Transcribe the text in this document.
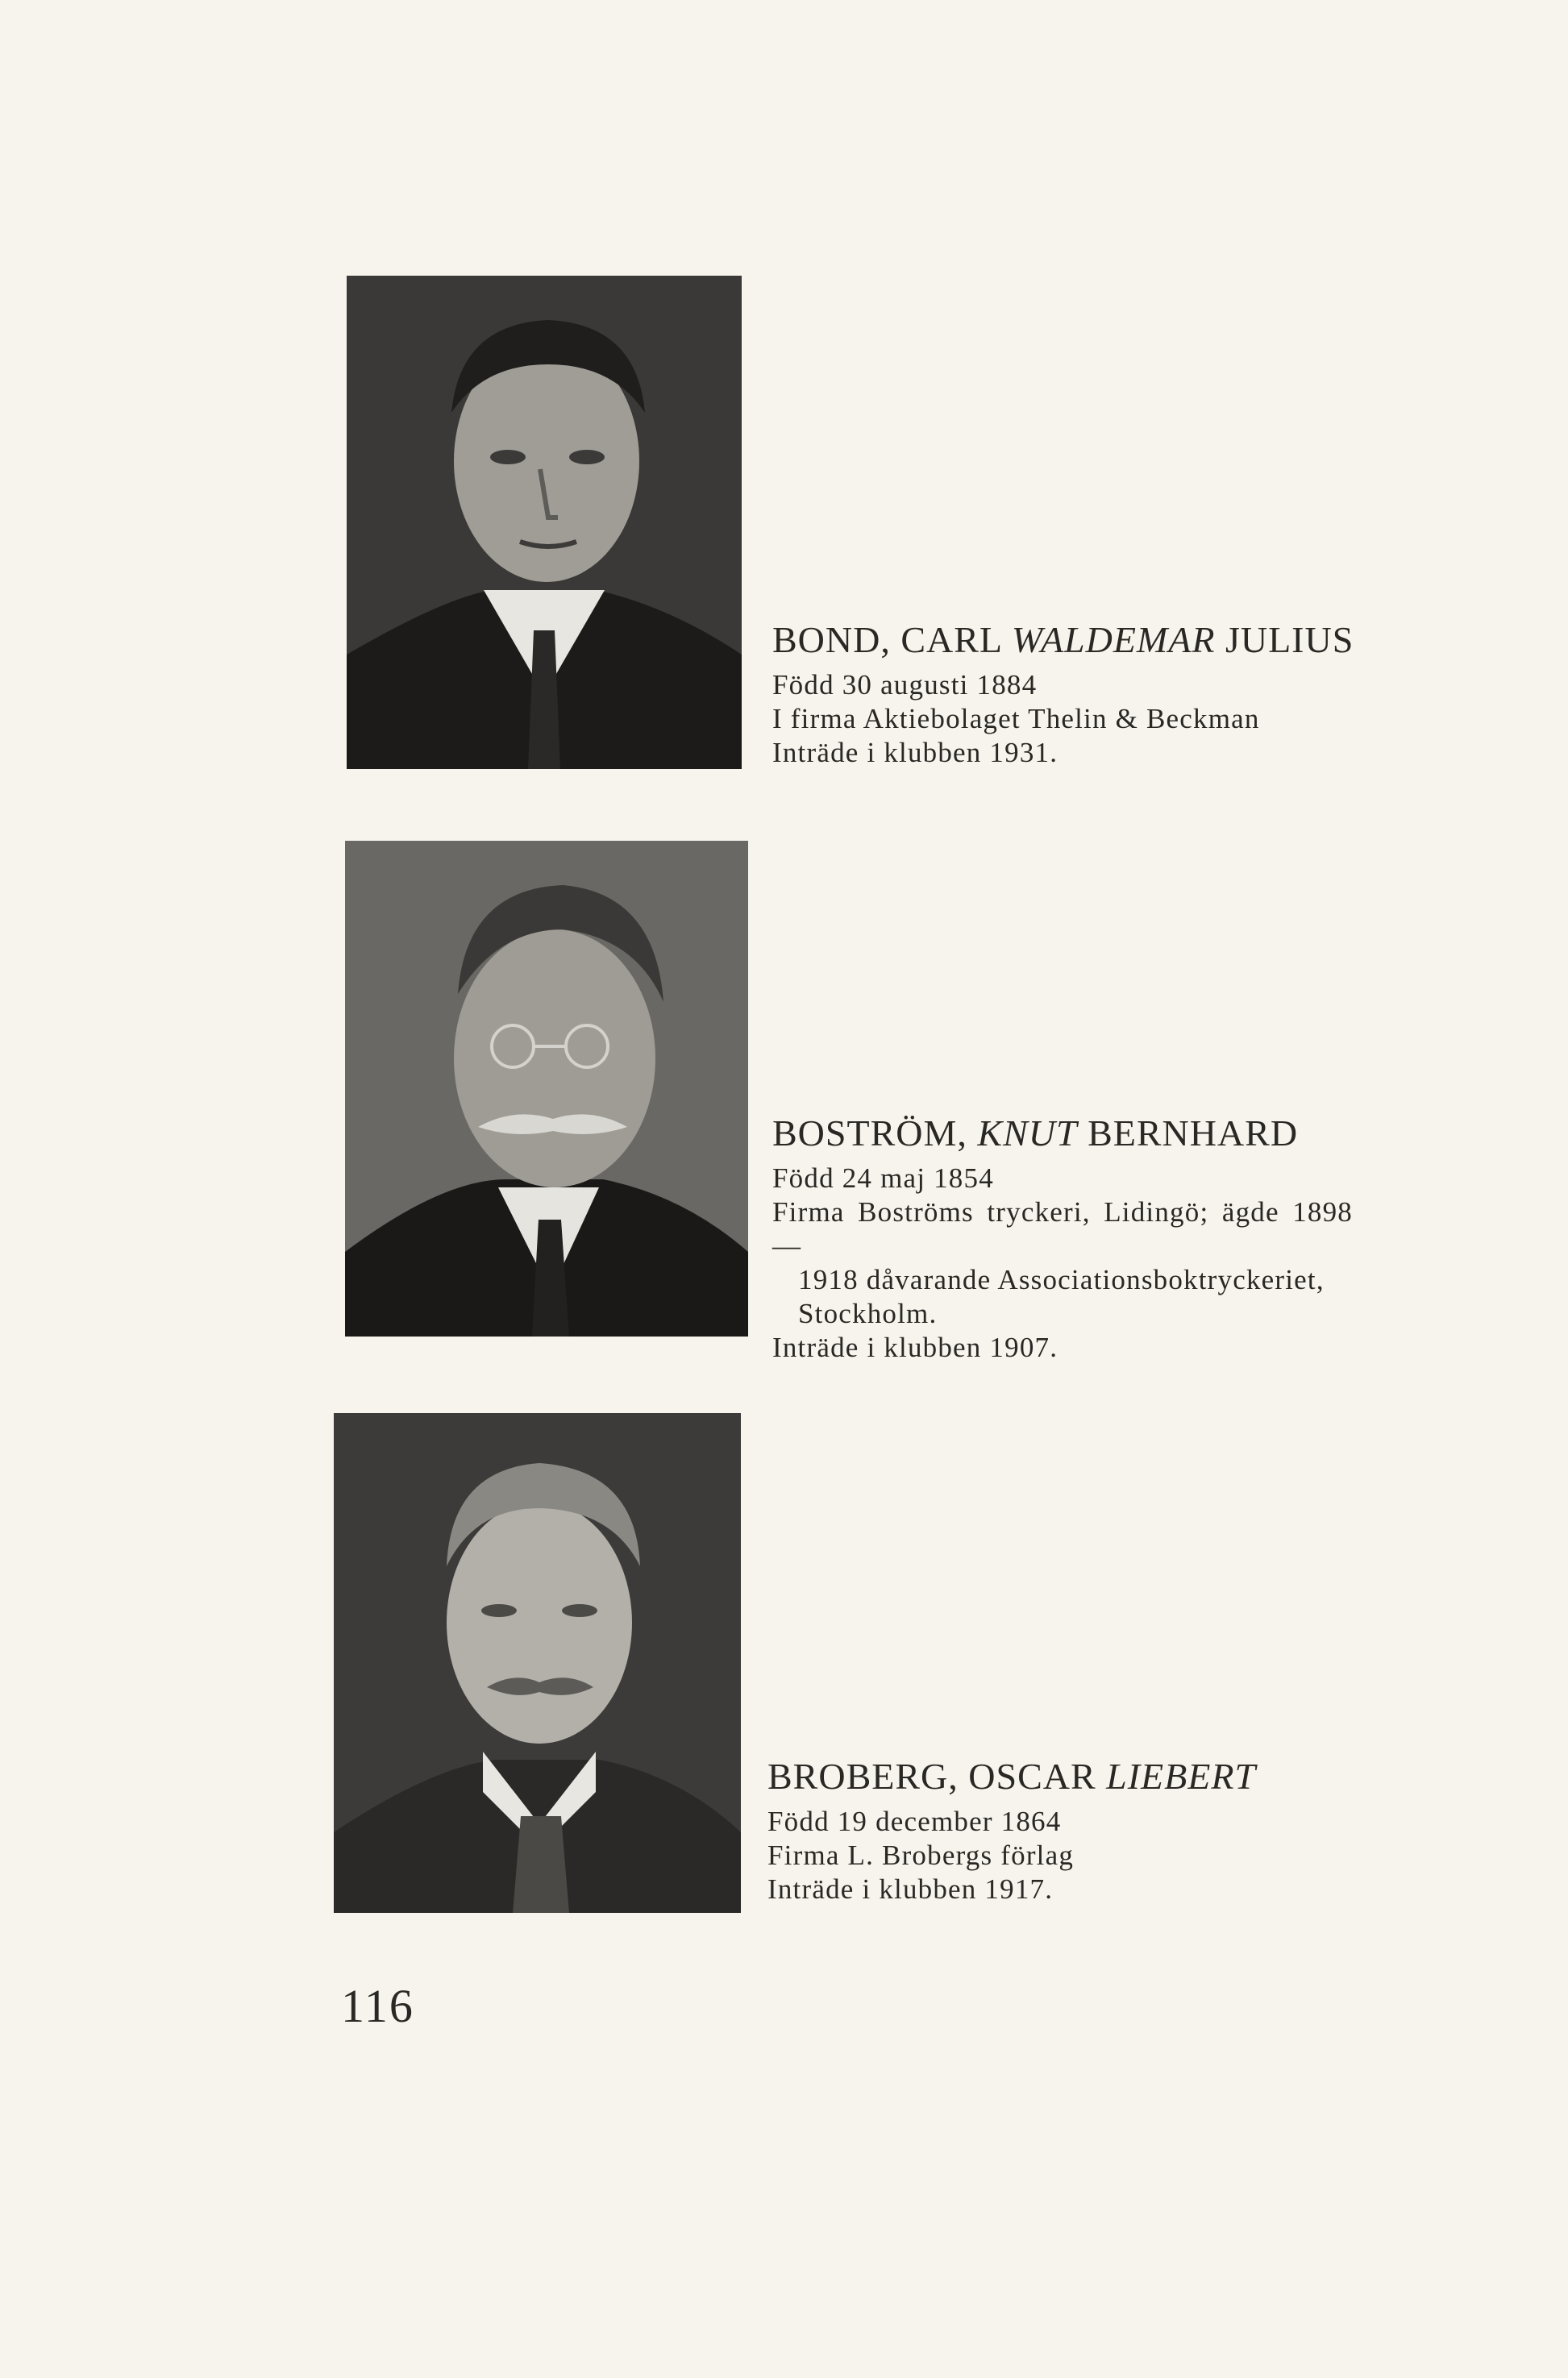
BOND, CARL WALDEMAR JULIUS
Född 30 augusti 1884
I firma Aktiebolaget Thelin & Beckman
Inträde i klubben 1931.
BOSTRÖM, KNUT BERNHARD
Född 24 maj 1854
Firma Boströms tryckeri, Lidingö; ägde 1898—
1918 dåvarande Associationsboktryckeriet,
Stockholm.
Inträde i klubben 1907.
BROBERG, OSCAR LIEBERT
Född 19 december 1864
Firma L. Brobergs förlag
Inträde i klubben 1917.
116
